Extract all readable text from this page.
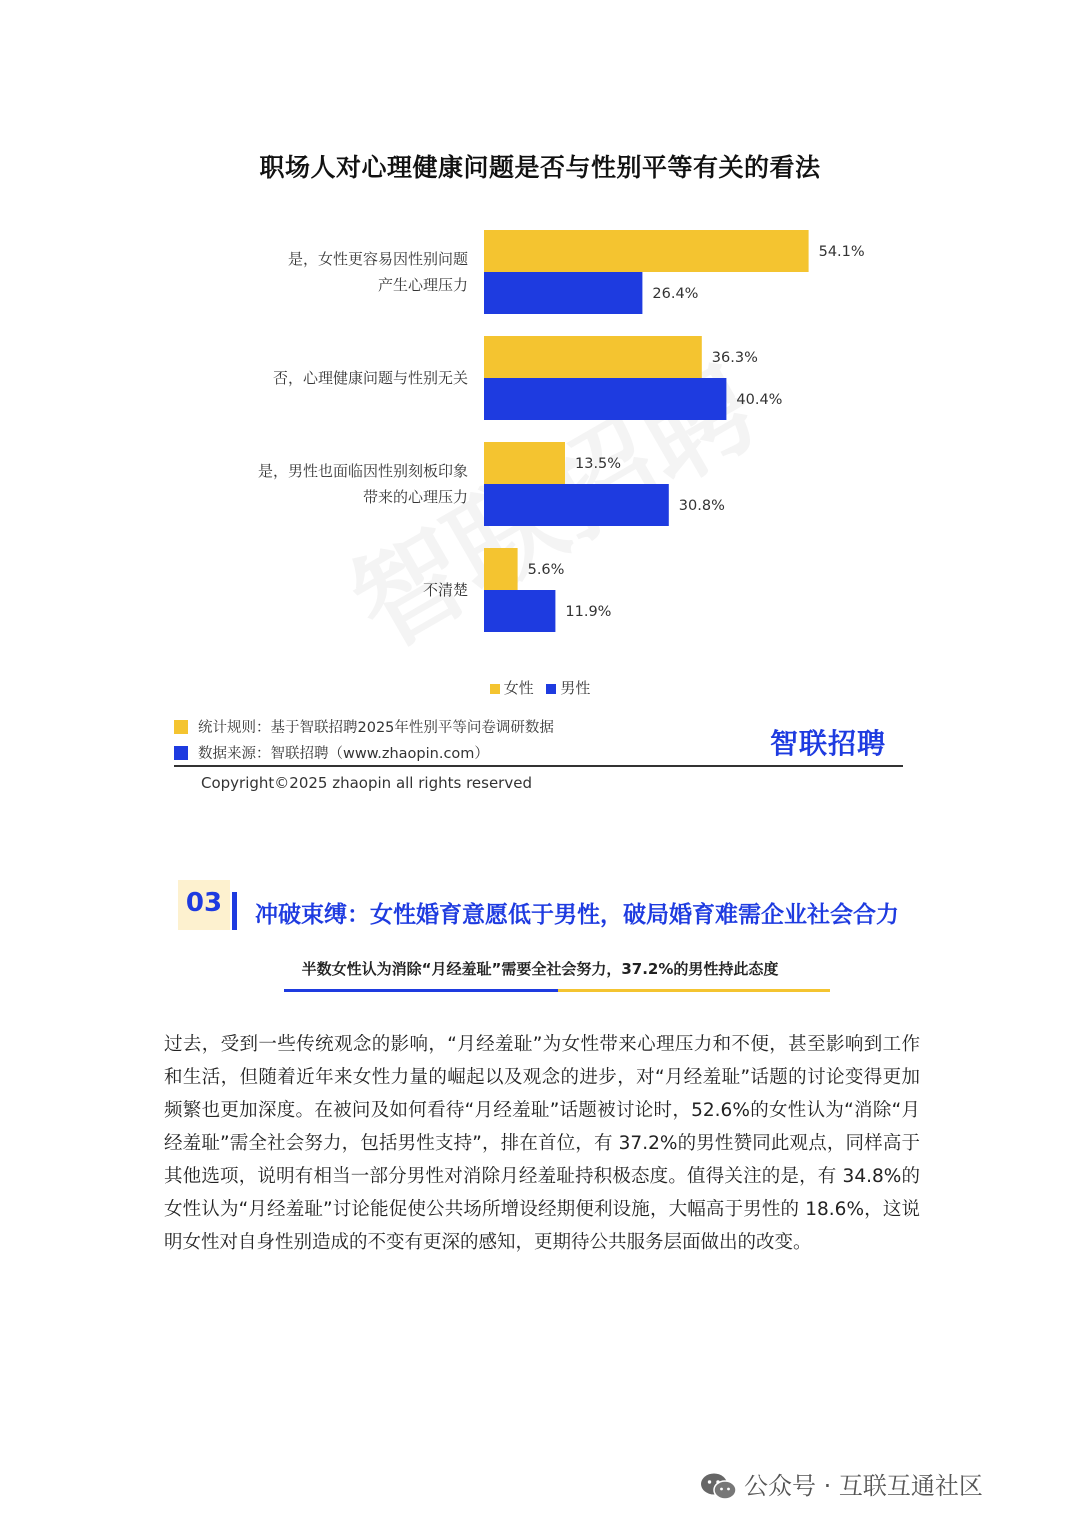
职场人对心理健康问题是否与性别平等有关的看法
是，女性更容易因性别问题
产生心理压力
54.1%
26.4%
否，心理健康问题与性别无关
36.3%
40.4%
是，男性也面临因性别刻板印象
带来的心理压力
13.5%
30.8%
不清楚
5.6%
11.9%
女性 男性
统计规则：基于智联招聘2025年性别平等问卷调研数据
数据来源：智联招聘（www.zhaopin.com）	智联招聘
Copyright©2025 zhaopin all rights reserved
03	冲破束缚：女性婚育意愿低于男性，破局婚育难需企业社会合力
半数女性认为消除“月经羞耻”需要全社会努力，37.2%的男性持此态度
过去，受到一些传统观念的影响，“月经羞耻”为女性带来心理压力和不便，甚至影响到工作和生活，但随着近年来女性力量的崛起以及观念的进步，对“月经羞耻”话题的讨论变得更加频繁也更加深度。在被问及如何看待“月经羞耻”话题被讨论时，52.6%的女性认为“消除“月经羞耻”需全社会努力，包括男性支持”，排在首位，有 37.2%的男性赞同此观点，同样高于其他选项，说明有相当一部分男性对消除月经羞耻持积极态度。值得关注的是，有 34.8%的女性认为“月经羞耻”讨论能促使公共场所增设经期便利设施，大幅高于男性的 18.6%，这说明女性对自身性别造成的不变有更深的感知，更期待公共服务层面做出的改变。
公众号 · 互联互通社区
